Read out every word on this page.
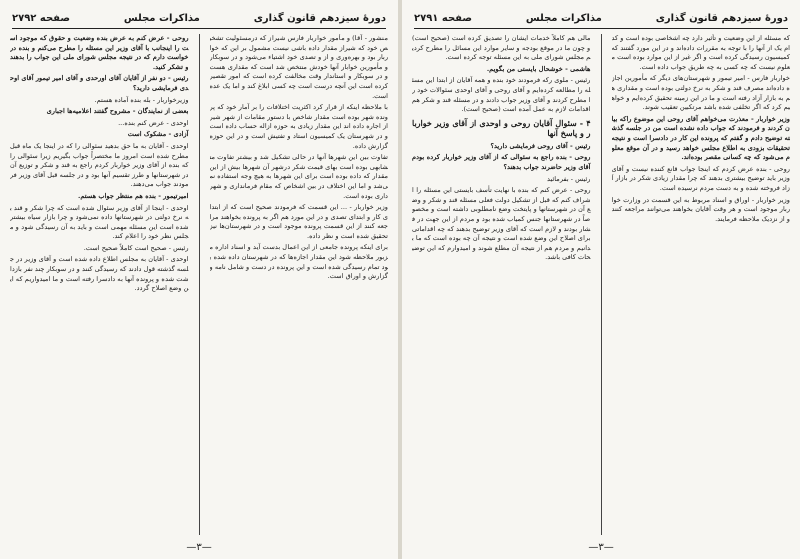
دورهٔ سیزدهم قانون گذاری
مذاکرات مجلس
صفحه ۲۷۹۲

منشور - آقا) و مأمور خواربار فارس شیراز که درمسئولیت تشخیص خود که شیراز مقدار داده باشی نیست مشمول بر این که خواربار بود و بهره‌وری و از و تصدی خود اشتیاء می‌شود و در سوبکار و مأمورین خوابار آنها خودش منتخص شد است که مقداری هست و در سوبکار و استاندار وقت مخالفت کرده است که امور تقصیر کرده است این آنچه درست است چه کسی ابلاغ کند و اما یک عده است.

با ملاحظه اینکه از قرار کرد اکثریت اختلافات را بر آمار خود که پرونده شهر بوده است مقدار شاخص با دستور مقامات از شهر شیراز اجاره داده اند این مقدار زیادی به حوزه ازاله حساب داده است و در شهرستان یک کمیسیون استاد و تفتیش است و در این حوزه گزارش داده.

تفاوت بین این شهرها آنها در حالی تشکیل شد و بیشتر تفاوت متشابهی بوده است بهای قیمت شکر درشهر آن شهرها بیش از این مقدار که داده بوده است برای این شهرها به هیچ وجه استفاده نمی‌شد و اما این اختلاف در بین اشخاص که مقام فرمانداری و شهرداری بوده است.

وزیر خواربار - ... این قسمت که فرمودند صحیح است که از ابتدای کار و ابتدای تصدی و در این مورد هم اگر به پرونده بخواهند مراجعه کنند از این قسمت پرونده موجود است و در شهرستان‌ها نیز تحقیق شده است و نظر داده.

برای اینکه پرونده جامعی از این اعمال بدست آید و اسناد اداره مزبور ملاحظه شود این مقدار اجازه‌ها که در شهرستان داده شده بود تمام رسیدگی شده است و این پرونده در دست و شامل نامه و گزارش و اوراق است.

روحی - عرض کنم به عرض بنده وضعیت و حقوق که موجود است را اینجانب با آقای وزیر این مسئله را مطرح می‌کنم و بنده درخواست دارم که در نتیجه مجلس شورای ملی این جواب را بدهند و تشکر کنید.

رئیس - دو نفر از آقایان آقای اورحدی و آقای امیر تیمور آقای اوحدی فرمایشی دارید؟

وزیرخواربار - بله بنده آماده هستم.

بعضی از نمایندگان - مشروح گفتند اعلامیه‌ها اجباری

اوحدی - عرض کنم بنده...

آزادی - مشکوک است

اوحدی - آقایان به ما حق بدهید سئوالی را که در اینجا یک ماه قبل مطرح شده است امروز ما مختصراً جواب بگیریم زیرا سئوالی را که بنده از آقای وزیر خواربار کردم راجع به قند و شکر و توزیع آن در شهرستانها و طرز تقسیم آنها بود و در جلسه قبل آقای وزیر فرمودند جواب می‌دهند.

امیرتیمور - بنده هم منتظر جواب هستم.

اوحدی - اینجا از آقای وزیر سئوال شده است که چرا شکر و قند به نرخ دولتی در شهرستانها داده نمی‌شود و چرا بازار سیاه بیشتر شده است این مسئله مهمی است و باید به آن رسیدگی شود و مجلس نظر خود را اعلام کند.

رئیس - صحیح است کاملاً صحیح است.

اوحدی - آقایان به مجلس اطلاع داده شده است و آقای وزیر در جلسه گذشته قول دادند که رسیدگی کنند و در سوبکار چند نفر بازداشت شده و پرونده آنها به دادسرا رفته است و ما امیدواریم که این وضع اصلاح گردد.

—۳—
دورهٔ سیزدهم قانون گذاری
مذاکرات مجلس
صفحه ۲۷۹۱

که مسئله از این وضعیت و تأثیر دارد چه اشخاصی بوده است و کدام یک از آنها را با توجه به مقررات داده‌اند و در این مورد گفتند که کمیسیون رسیدگی کرده است و اگر غیر از این موارد بوده است معلوم نیست که چه کسی به چه طریق جواب داده است.

خواربار فارس - امیر تیمور و شهرستان‌های دیگر که مأمورین اجازه داده‌اند مصرف قند و شکر به نرخ دولتی بوده است و مقداری هم به بازار آزاد رفته است و ما در این زمینه تحقیق کرده‌ایم و خواهیم کرد که اگر تخلفی شده باشد مرتکبین تعقیب شوند.

وزیر خواربار - معذرت می‌خواهم آقای روحی این موضوع راکه بیان کردند و فرمودند که جواب داده نشده است من در جلسه گذشته توضیح دادم و گفتم که پرونده این کار در دادسرا است و نتیجه تحقیقات بزودی به اطلاع مجلس خواهد رسید و در آن موقع معلوم می‌شود که چه کسانی مقصر بوده‌اند.

روحی - بنده عرض کردم که اینجا جواب قانع کننده نیست و آقای وزیر باید توضیح بیشتری بدهند که چرا مقدار زیادی شکر در بازار آزاد فروخته شده و به دست مردم نرسیده است.

وزیر خواربار - اوراق و اسناد مربوط به این قسمت در وزارت خواربار موجود است و هر وقت آقایان بخواهند می‌توانند مراجعه کنند و از نزدیک ملاحظه فرمایند.

مالی هم کاملاً خدمات ایشان را تصدیق کرده است (صحیح است) و چون ما در موقع بودجه و سایر موارد این مسائل را مطرح کردیم مجلس شورای ملی به این مسئله توجه کرده است.

هاشمی - خوشحال بایستی من بگویم.

رئیس - ملوی رکه فرمودند خود بنده و همه آقایان از ابتدا این مسئله را مطالعه کرده‌ایم و آقای روحی و آقای اوحدی سئوالات خود را مطرح کردند و آقای وزیر جواب دادند و در مسئله قند و شکر هم اقدامات لازم به عمل آمده است (صحیح است).

۴ - سئوال آقایان روحی و اوحدی از آقای وزیر خواربار و پاسخ آنها

رئیس - آقای روحی فرمایشی دارید؟

روحی - بنده راجع به سئوالی که از آقای وزیر خواربار کرده بودم آقای وزیر حاضرند جواب بدهند؟

رئیس - بفرمائید

روحی - عرض کنم که بنده با نهایت تأسف بایستی این مسئله را اشراف کنم که قبل از تشکیل دولت فعلی مسئله قند و شکر و وضع آن در شهرستانها و پایتخت وضع نامطلوبی داشته است و مخصوصاً در شهرستانها جنس کمیاب شده بود و مردم از این جهت در فشار بودند و لازم است که آقای وزیر توضیح بدهند که چه اقداماتی برای اصلاح این وضع شده است و نتیجه آن چه بوده است که ما بدانیم و مردم هم از نتیجه آن مطلع شوند و امیدوارم که این توضیحات کافی باشد.

—۳—
